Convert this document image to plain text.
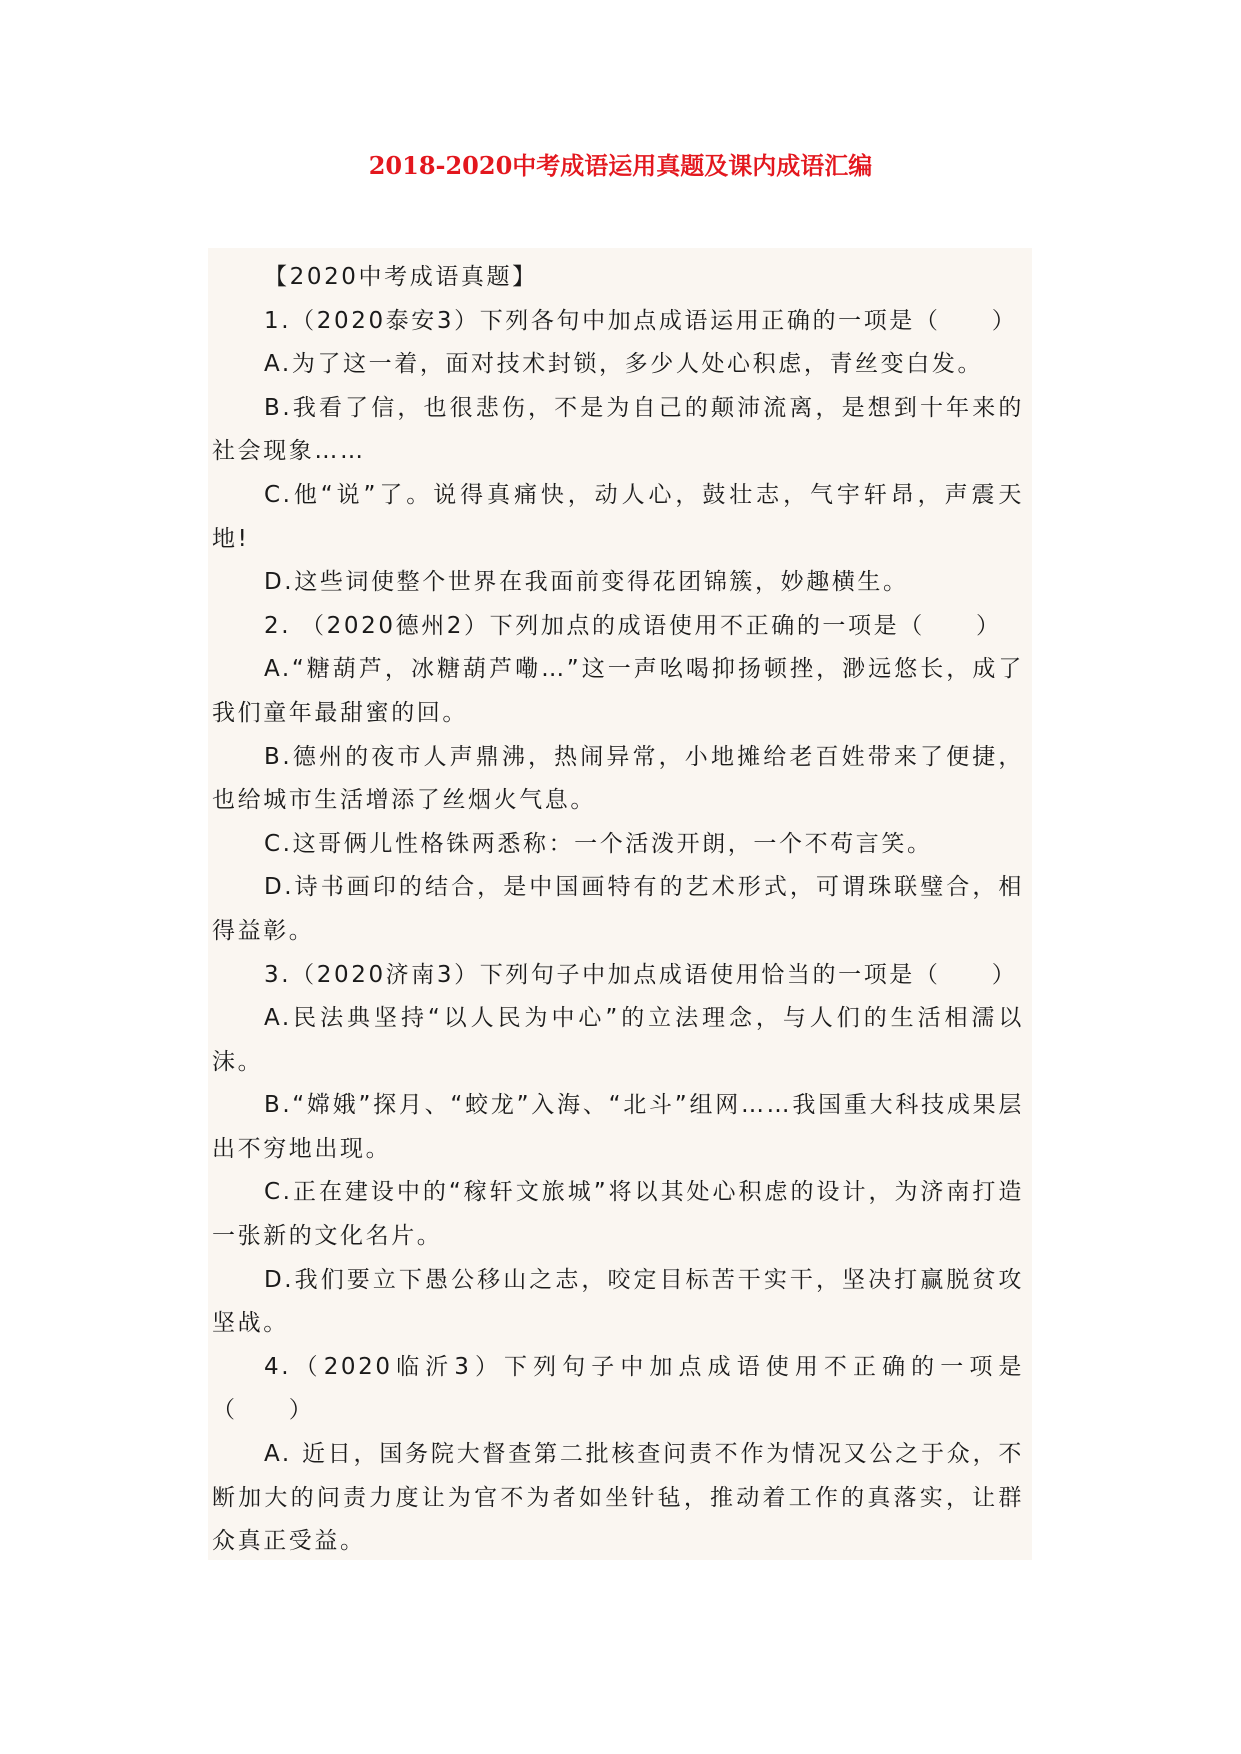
2018-2020中考成语运用真题及课内成语汇编

【2020中考成语真题】

1.（2020泰安3）下列各句中加点成语运用正确的一项是（　　）

A.为了这一着，面对技术封锁，多少人处心积虑，青丝变白发。

B.我看了信，也很悲伤，不是为自己的颠沛流离，是想到十年来的社会现象……

C.他“说”了。说得真痛快，动人心，鼓壮志，气宇轩昂，声震天地!

D.这些词使整个世界在我面前变得花团锦簇，妙趣横生。

2. （2020德州2）下列加点的成语使用不正确的一项是（　　）

A.“糖葫芦，冰糖葫芦嘞…”这一声吆喝抑扬顿挫，渺远悠长，成了我们童年最甜蜜的回。

B.德州的夜市人声鼎沸，热闹异常，小地摊给老百姓带来了便捷，也给城市生活增添了丝烟火气息。

C.这哥俩儿性格铢两悉称：一个活泼开朗，一个不苟言笑。

D.诗书画印的结合，是中国画特有的艺术形式，可谓珠联璧合，相得益彰。

3.（2020济南3）下列句子中加点成语使用恰当的一项是（　　）

A.民法典坚持“以人民为中心”的立法理念，与人们的生活相濡以沫。

B.“嫦娥”探月、“蛟龙”入海、“北斗”组网……我国重大科技成果层出不穷地出现。

C.正在建设中的“稼轩文旅城”将以其处心积虑的设计，为济南打造一张新的文化名片。

D.我们要立下愚公移山之志，咬定目标苦干实干，坚决打赢脱贫攻坚战。

4.（2020临沂3）下列句子中加点成语使用不正确的一项是（　　）

A. 近日，国务院大督查第二批核查问责不作为情况又公之于众，不断加大的问责力度让为官不为者如坐针毡，推动着工作的真落实，让群众真正受益。
